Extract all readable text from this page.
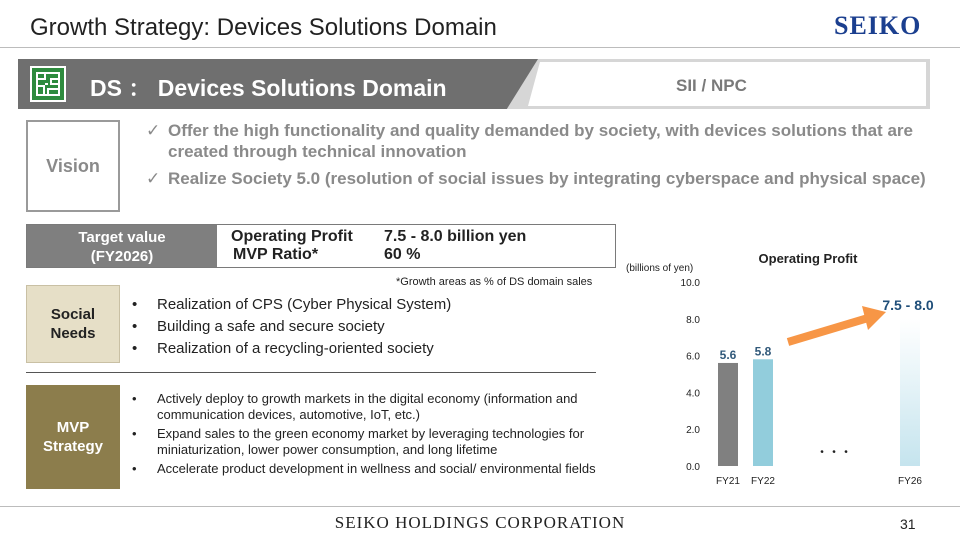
Growth Strategy: Devices Solutions Domain	SEIKO
DS ： Devices Solutions Domain	SII / NPC
Vision
✓ Offer the high functionality and quality demanded by society, with devices solutions that are created through technical innovation
✓ Realize Society 5.0 (resolution of social issues by integrating cyberspace and physical space)
Target value
(FY2026)
Operating Profit 7.5 - 8.0 billion yen
MVP Ratio*	60 %
*Growth areas as % of DS domain sales
Social
Needs
• Realization of CPS (Cyber Physical System)
• Building a safe and secure society
• Realization of a recycling-oriented society
MVP
Strategy
• Actively deploy to growth markets in the digital economy (information and communication devices, automotive, IoT, etc.)
• Expand sales to the green economy market by leveraging technologies for miniaturization, lower power consumption, and long lifetime
• Accelerate product development in wellness and social/ environmental fields
(billions of yen)
Operating Profit
0.0
2.0
4.0
6.0
8.0
10.0
5.6 5.8
7.5 - 8.0
FY21 FY22	FY26
・・・
SEIKO HOLDINGS CORPORATION	31
